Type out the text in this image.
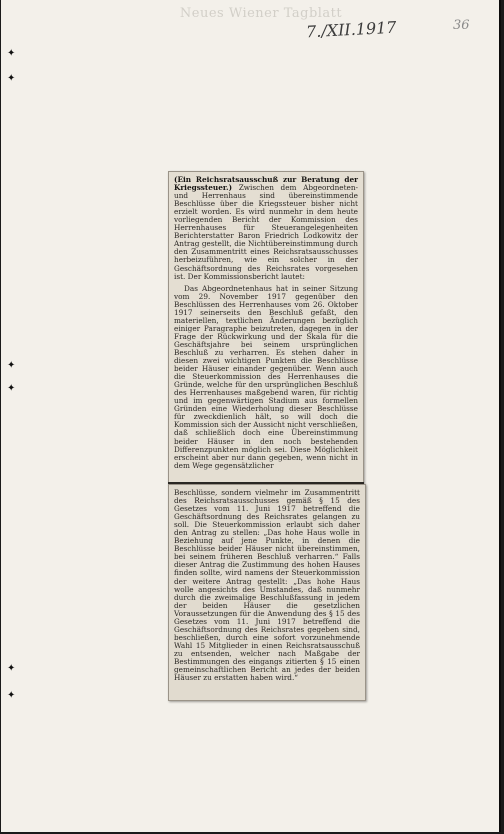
Neues Wiener Tagblatt
7./XII.1917	36
✦
✦
✦
✦
✦
✦

(Ein Reichsratsausschuß zur Beratung der Kriegssteuer.) Zwischen dem Abgeordneten- und Herrenhaus sind übereinstimmende Beschlüsse über die Kriegssteuer bisher nicht erzielt worden. Es wird nunmehr in dem heute vorliegenden Bericht der Kommission des Herrenhauses für Steuerangelegenheiten Berichterstatter Baron Friedrich Lodkowitz der Antrag gestellt, die Nichtübereinstimmung durch den Zusammentritt eines Reichsratsausschusses herbeizuführen, wie ein solcher in der Geschäftsordnung des Reichsrates vorgesehen ist. Der Kommissionsbericht lautet:

Das Abgeordnetenhaus hat in seiner Sitzung vom 29. November 1917 gegenüber den Beschlüssen des Herrenhauses vom 26. Oktober 1917 seinerseits den Beschluß gefaßt, den materiellen, textlichen Änderungen bezüglich einiger Paragraphe beizutreten, dagegen in der Frage der Rückwirkung und der Skala für die Geschäftsjahre bei seinem ursprünglichen Beschluß zu verharren. Es stehen daher in diesen zwei wichtigen Punkten die Beschlüsse beider Häuser einander gegenüber. Wenn auch die Steuerkommission des Herrenhauses die Gründe, welche für den ursprünglichen Beschluß des Herrenhauses maßgebend waren, für richtig und im gegenwärtigen Stadium aus formellen Gründen eine Wiederholung dieser Beschlüsse für zweckdienlich hält, so will doch die Kommission sich der Aussicht nicht verschließen, daß schließlich doch eine Übereinstimmung beider Häuser in den noch bestehenden Differenzpunkten möglich sei. Diese Möglichkeit erscheint aber nur dann gegeben, wenn nicht in dem Wege gegensätzlicher

Beschlüsse, sondern vielmehr im Zusammentritt des Reichsratsausschusses gemäß § 15 des Gesetzes vom 11. Juni 1917 betreffend die Geschäftsordnung des Reichsrates gelangen zu soll. Die Steuerkommission erlaubt sich daher den Antrag zu stellen: „Das hohe Haus wolle in Beziehung auf jene Punkte, in denen die Beschlüsse beider Häuser nicht übereinstimmen, bei seinem früheren Beschluß verharren.“ Falls dieser Antrag die Zustimmung des hohen Hauses finden sollte, wird namens der Steuerkommission der weitere Antrag gestellt: „Das hohe Haus wolle angesichts des Umstandes, daß nunmehr durch die zweimalige Beschlußfassung in jedem der beiden Häuser die gesetzlichen Voraussetzungen für die Anwendung des § 15 des Gesetzes vom 11. Juni 1917 betreffend die Geschäftsordnung des Reichsrates gegeben sind, beschließen, durch eine sofort vorzunehmende Wahl 15 Mitglieder in einen Reichsratsausschuß zu entsenden, welcher nach Maßgabe der Bestimmungen des eingangs zitierten § 15 einen gemeinschaftlichen Bericht an jedes der beiden Häuser zu erstatten haben wird.“
